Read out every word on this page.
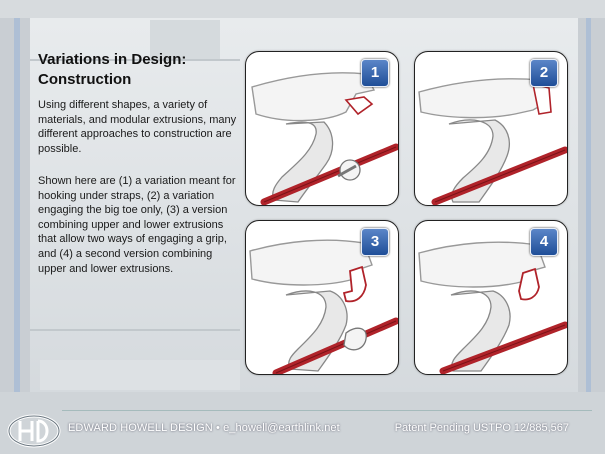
Variations in Design:
Construction
Using different shapes, a variety of materials, and modular extrusions, many different approaches to construction are possible.
Shown here are (1) a variation meant for hooking under straps, (2) a variation engaging the big toe only, (3) a version combining upper and lower extrusions that allow two ways of engaging a grip, and (4) a second version combining upper and lower extrusions.
1	2
3	4
EDWARD HOWELL DESIGN • e_howell@earthlink.net	Patent Pending USTPO 12/885,567
